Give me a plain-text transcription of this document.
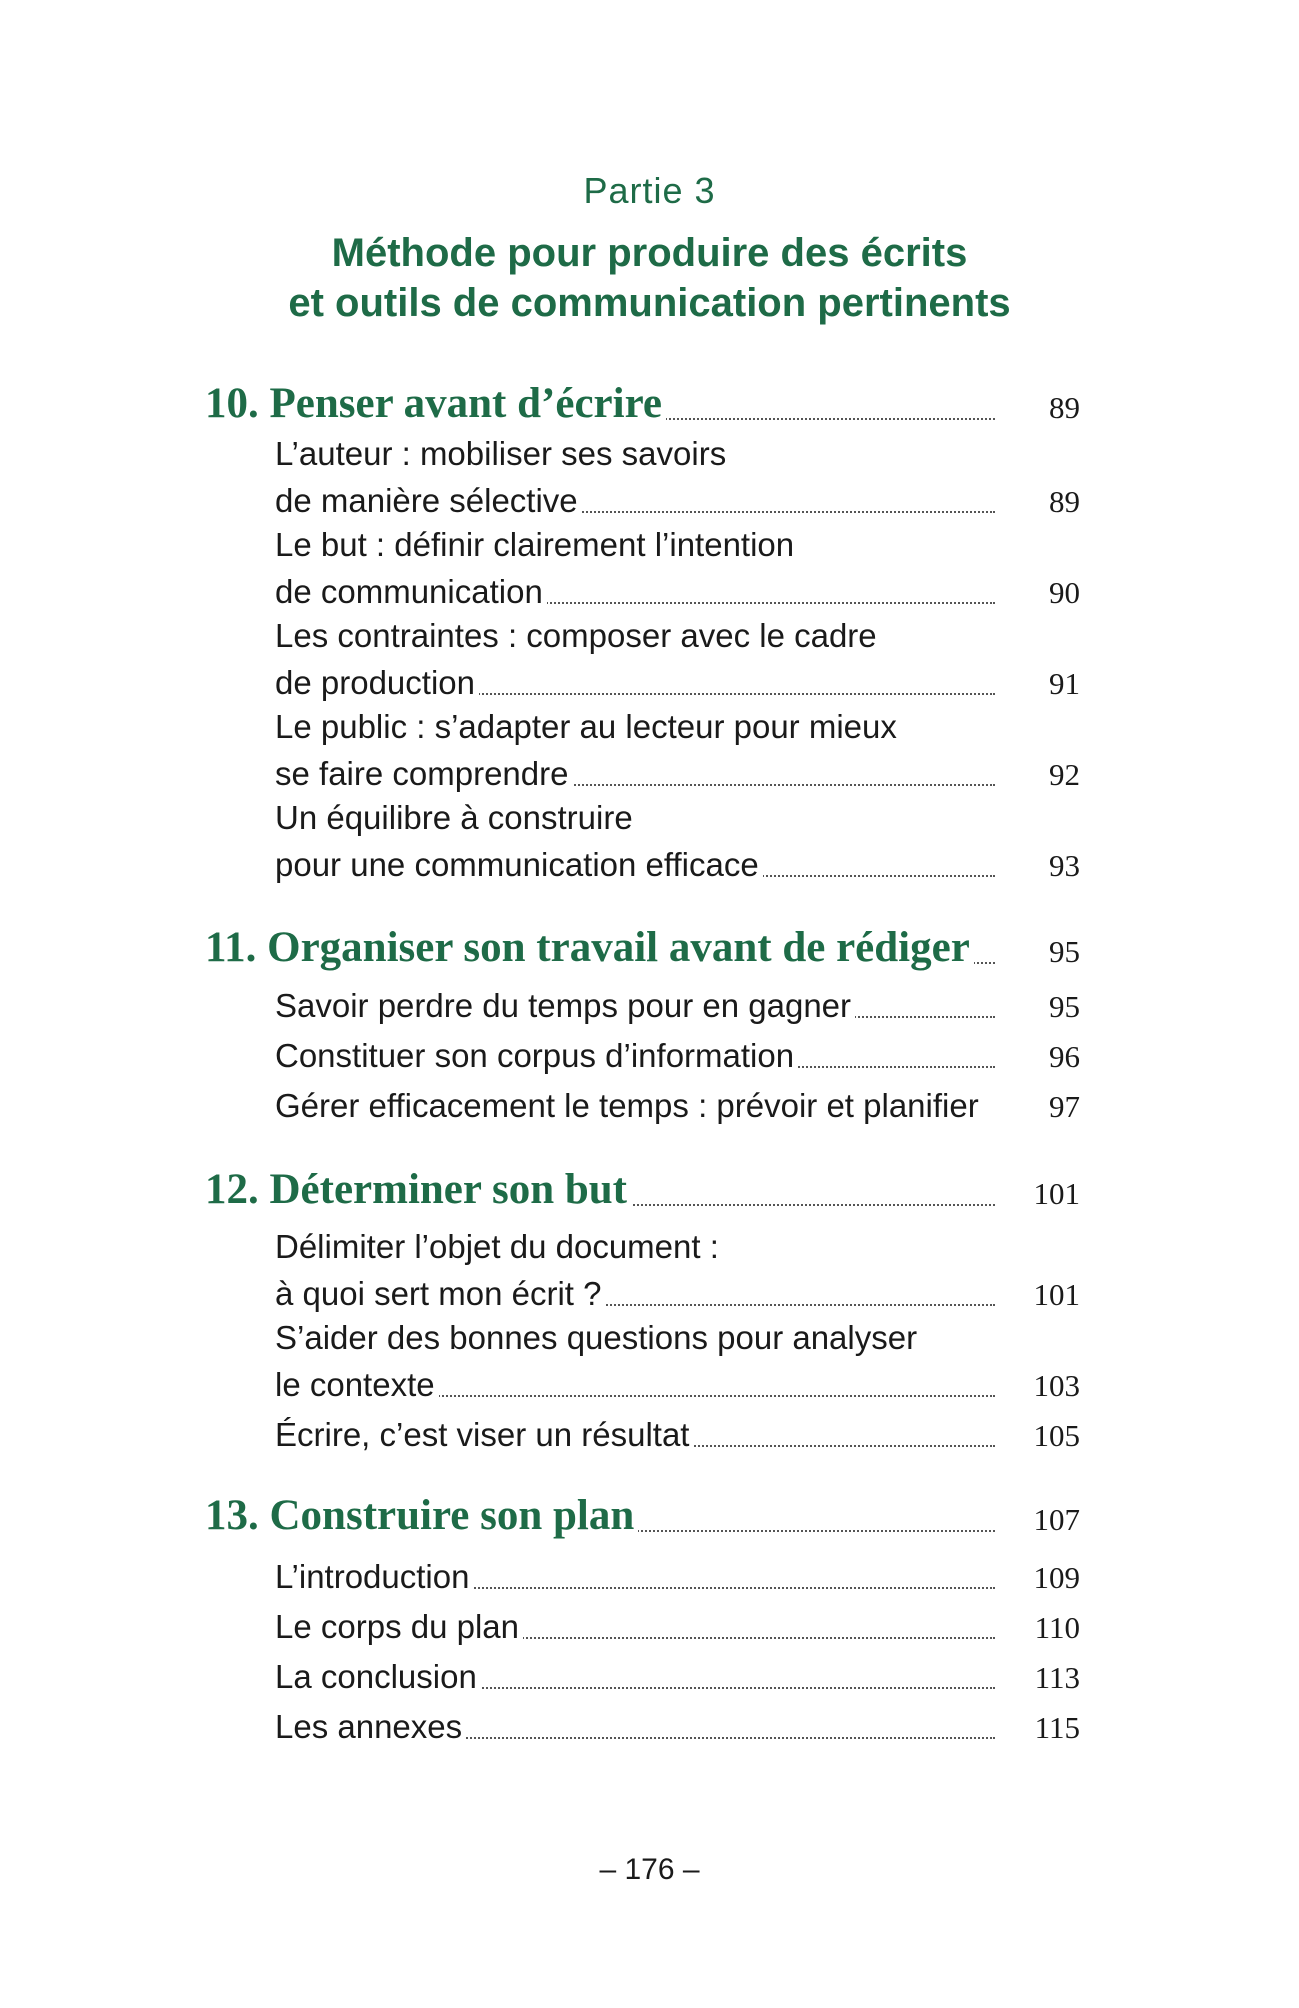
Partie 3
Méthode pour produire des écrits
et outils de communication pertinents
10. Penser avant d’écrire	89
L’auteur : mobiliser ses savoirs
de manière sélective	89
Le but : définir clairement l’intention
de communication	90
Les contraintes : composer avec le cadre
de production	91
Le public : s’adapter au lecteur pour mieux
se faire comprendre	92
Un équilibre à construire
pour une communication efficace	93
11. Organiser son travail avant de rédiger	95
Savoir perdre du temps pour en gagner	95
Constituer son corpus d’information	96
Gérer efficacement le temps : prévoir et planifier 97
12. Déterminer son but	101
Délimiter l’objet du document :
à quoi sert mon écrit ?	101
S’aider des bonnes questions pour analyser
le contexte	103
Écrire, c’est viser un résultat	105
13. Construire son plan	107
L’introduction	109
Le corps du plan	110
La conclusion	113
Les annexes	115
– 176 –
